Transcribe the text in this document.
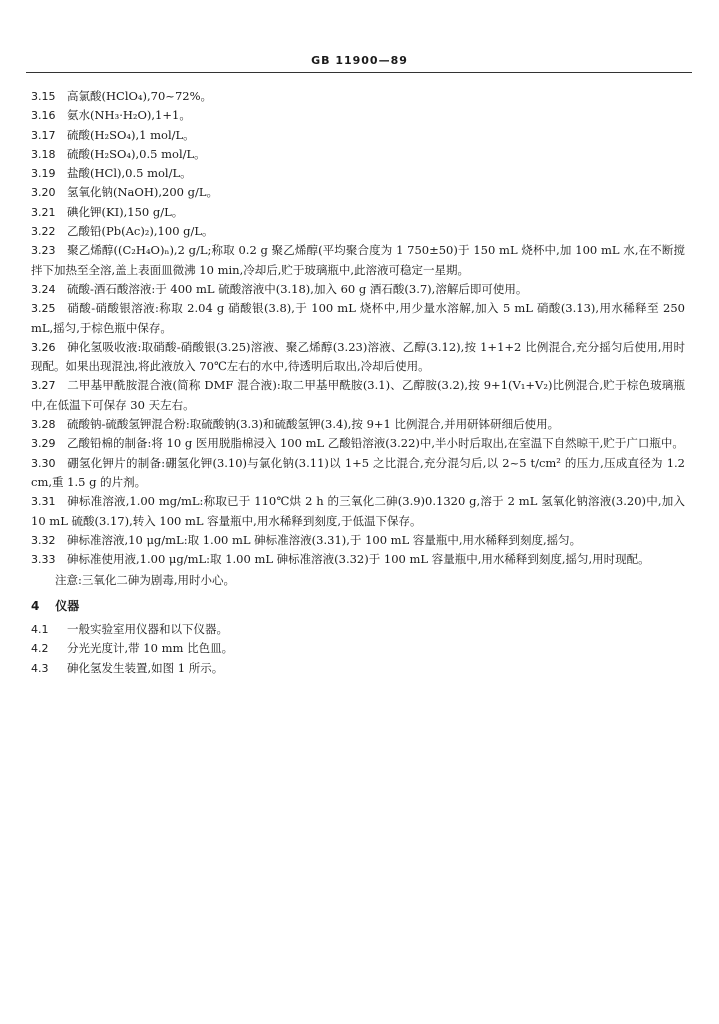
GB 11900—89

3.15 高氯酸(HClO₄),70~72%。

3.16 氨水(NH₃·H₂O),1+1。

3.17 硫酸(H₂SO₄),1 mol/L。

3.18 硫酸(H₂SO₄),0.5 mol/L。

3.19 盐酸(HCl),0.5 mol/L。

3.20 氢氧化钠(NaOH),200 g/L。

3.21 碘化钾(KI),150 g/L。

3.22 乙酸铅(Pb(Ac)₂),100 g/L。

3.23 聚乙烯醇((C₂H₄O)ₙ),2 g/L;称取 0.2 g 聚乙烯醇(平均聚合度为 1 750±50)于 150 mL 烧杯中,加 100 mL 水,在不断搅拌下加热至全溶,盖上表面皿微沸 10 min,冷却后,贮于玻璃瓶中,此溶液可稳定一星期。

3.24 硫酸-酒石酸溶液:于 400 mL 硫酸溶液中(3.18),加入 60 g 酒石酸(3.7),溶解后即可使用。

3.25 硝酸-硝酸银溶液:称取 2.04 g 硝酸银(3.8),于 100 mL 烧杯中,用少量水溶解,加入 5 mL 硝酸(3.13),用水稀释至 250 mL,摇匀,于棕色瓶中保存。

3.26 砷化氢吸收液:取硝酸-硝酸银(3.25)溶液、聚乙烯醇(3.23)溶液、乙醇(3.12),按 1+1+2 比例混合,充分摇匀后使用,用时现配。如果出现混浊,将此液放入 70℃左右的水中,待透明后取出,冷却后使用。

3.27 二甲基甲酰胺混合液(简称 DMF 混合液):取二甲基甲酰胺(3.1)、乙醇胺(3.2),按 9+1(V₁+V₂)比例混合,贮于棕色玻璃瓶中,在低温下可保存 30 天左右。

3.28 硫酸钠-硫酸氢钾混合粉:取硫酸钠(3.3)和硫酸氢钾(3.4),按 9+1 比例混合,并用研钵研细后使用。

3.29 乙酸铅棉的制备:将 10 g 医用脱脂棉浸入 100 mL 乙酸铅溶液(3.22)中,半小时后取出,在室温下自然晾干,贮于广口瓶中。

3.30 硼氢化钾片的制备:硼氢化钾(3.10)与氯化钠(3.11)以 1+5 之比混合,充分混匀后,以 2~5 t/cm² 的压力,压成直径为 1.2 cm,重 1.5 g 的片剂。

3.31 砷标准溶液,1.00 mg/mL:称取已于 110℃烘 2 h 的三氧化二砷(3.9)0.1320 g,溶于 2 mL 氢氧化钠溶液(3.20)中,加入 10 mL 硫酸(3.17),转入 100 mL 容量瓶中,用水稀释到刻度,于低温下保存。

3.32 砷标准溶液,10 μg/mL:取 1.00 mL 砷标准溶液(3.31),于 100 mL 容量瓶中,用水稀释到刻度,摇匀。

3.33 砷标准使用液,1.00 μg/mL:取 1.00 mL 砷标准溶液(3.32)于 100 mL 容量瓶中,用水稀释到刻度,摇匀,用时现配。

注意:三氧化二砷为剧毒,用时小心。

4 仪器

4.1 一般实验室用仪器和以下仪器。

4.2 分光光度计,带 10 mm 比色皿。

4.3 砷化氢发生装置,如图 1 所示。
